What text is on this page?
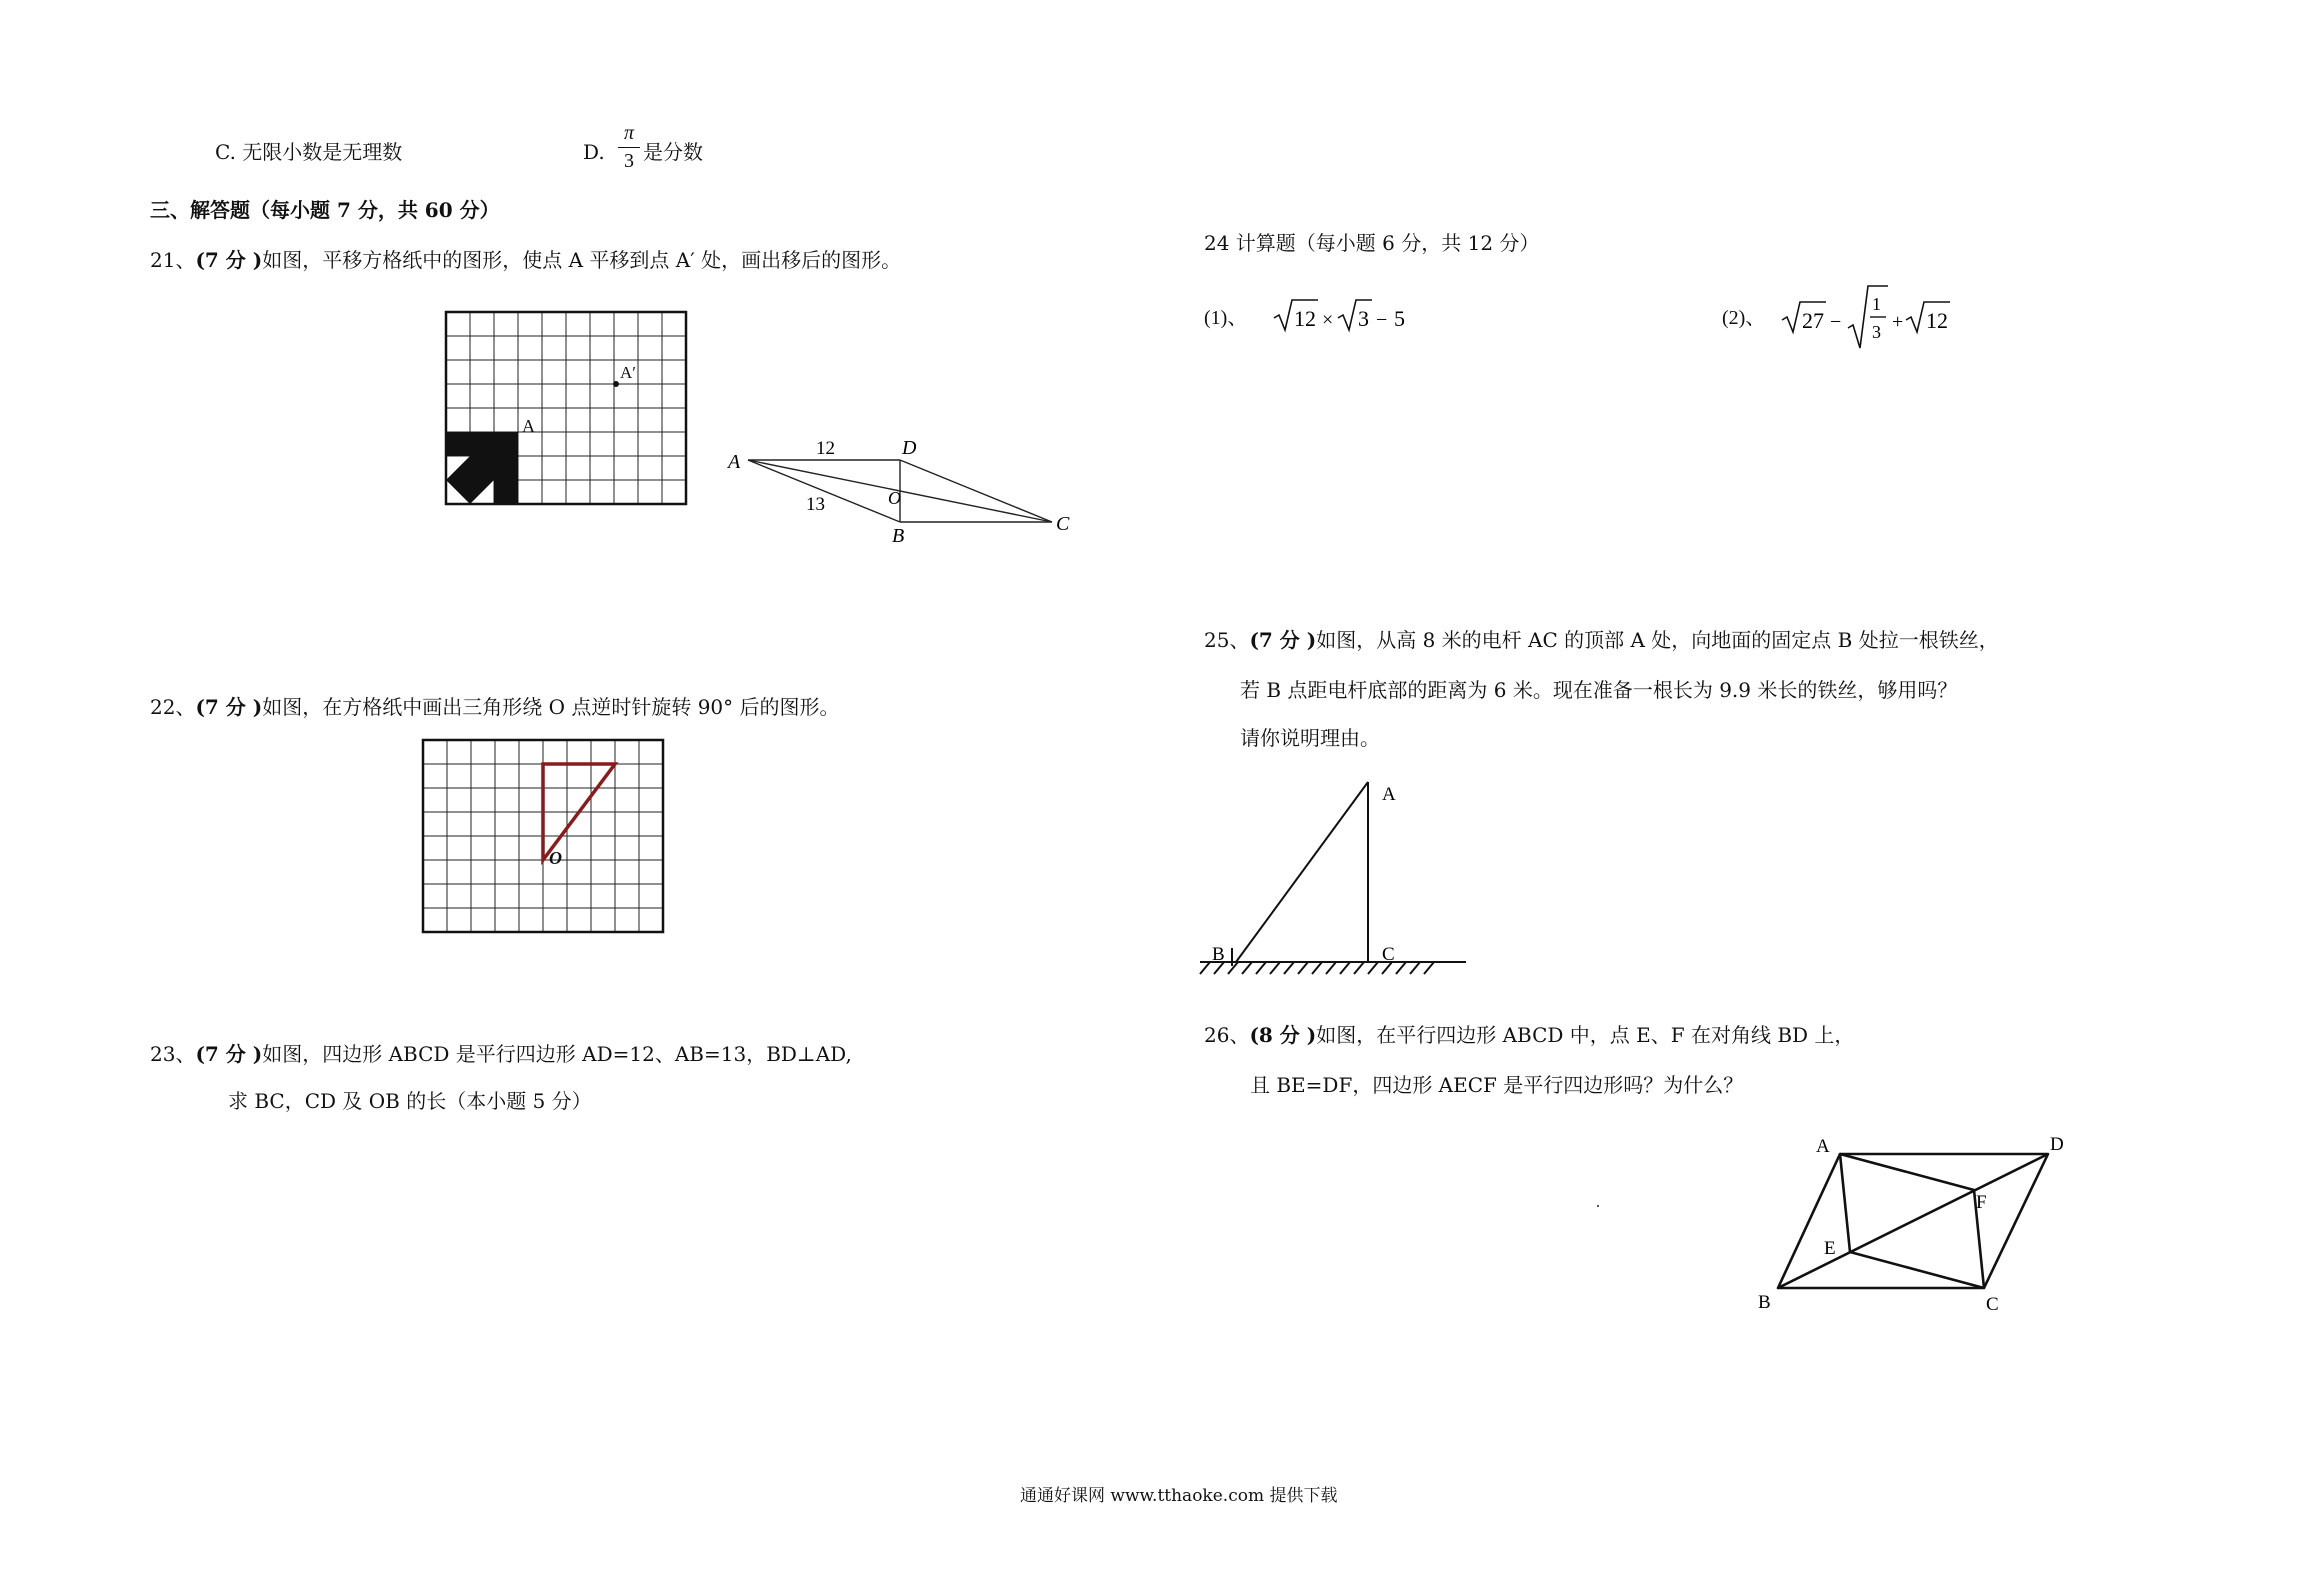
C. 无限小数是无理数	D. $\frac{\pi}{3}$ 是分数
三、解答题（每小题 7 分，共 60 分）
21、(7 分 )如图，平移方格纸中的图形，使点 A 平移到点 A′ 处，画出移后的图形。
A
A′
A
D
O
B
C
12
13
22、(7 分 )如图，在方格纸中画出三角形绕 O 点逆时针旋转 90° 后的图形。
O
23、(7 分 )如图，四边形 ABCD 是平行四边形 AD=12、AB=13，BD⊥AD,
求 BC，CD 及 OB 的长（本小题 5 分）
24 计算题（每小题 6 分，共 12 分）
(1)、 12 × 3 − 5	(2)、 27 −
1
3 + 12
25、(7 分 )如图，从高 8 米的电杆 AC 的顶部 A 处，向地面的固定点 B 处拉一根铁丝，
若 B 点距电杆底部的距离为 6 米。现在准备一根长为 9.9 米长的铁丝，够用吗？
请你说明理由。
A
B	C
26、(8 分 )如图，在平行四边形 ABCD 中，点 E、F 在对角线 BD 上，
且 BE=DF，四边形 AECF 是平行四边形吗？为什么？
A	D
B	C
E
F
通通好课网 www.tthaoke.com 提供下载
